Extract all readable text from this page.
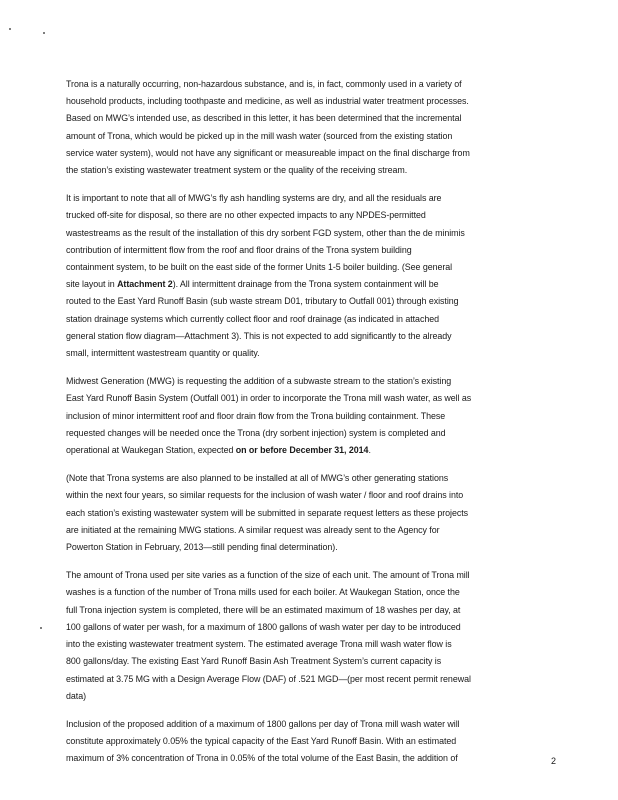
Trona is a naturally occurring, non-hazardous substance, and is, in fact, commonly used in a variety of
household products, including toothpaste and medicine, as well as industrial water treatment processes.
Based on MWG’s intended use, as described in this letter, it has been determined that the incremental
amount of Trona, which would be picked up in the mill wash water (sourced from the existing station
service water system), would not have any significant or measureable impact on the final discharge from
the station’s existing wastewater treatment system or the quality of the receiving stream.
It is important to note that all of MWG’s fly ash handling systems are dry, and all the residuals are
trucked off-site for disposal, so there are no other expected impacts to any NPDES-permitted
wastestreams as the result of the installation of this dry sorbent FGD system, other than the de minimis
contribution of intermittent flow from the roof and floor drains of the Trona system building
containment system, to be built on the east side of the former Units 1-5 boiler building. (See general
site layout in Attachment 2). All intermittent drainage from the Trona system containment will be
routed to the East Yard Runoff Basin (sub waste stream D01, tributary to Outfall 001) through existing
station drainage systems which currently collect floor and roof drainage (as indicated in attached
general station flow diagram—Attachment 3). This is not expected to add significantly to the already
small, intermittent wastestream quantity or quality.
Midwest Generation (MWG) is requesting the addition of a subwaste stream to the station’s existing
East Yard Runoff Basin System (Outfall 001) in order to incorporate the Trona mill wash water, as well as
inclusion of minor intermittent roof and floor drain flow from the Trona building containment. These
requested changes will be needed once the Trona (dry sorbent injection) system is completed and
operational at Waukegan Station, expected on or before December 31, 2014.
(Note that Trona systems are also planned to be installed at all of MWG’s other generating stations
within the next four years, so similar requests for the inclusion of wash water / floor and roof drains into
each station’s existing wastewater system will be submitted in separate request letters as these projects
are initiated at the remaining MWG stations. A similar request was already sent to the Agency for
Powerton Station in February, 2013—still pending final determination).
The amount of Trona used per site varies as a function of the size of each unit. The amount of Trona mill
washes is a function of the number of Trona mills used for each boiler. At Waukegan Station, once the
full Trona injection system is completed, there will be an estimated maximum of 18 washes per day, at
100 gallons of water per wash, for a maximum of 1800 gallons of wash water per day to be introduced
into the existing wastewater treatment system. The estimated average Trona mill wash water flow is
800 gallons/day. The existing East Yard Runoff Basin Ash Treatment System’s current capacity is
estimated at 3.75 MG with a Design Average Flow (DAF) of .521 MGD—(per most recent permit renewal
data)
Inclusion of the proposed addition of a maximum of 1800 gallons per day of Trona mill wash water will
constitute approximately 0.05% the typical capacity of the East Yard Runoff Basin. With an estimated
maximum of 3% concentration of Trona in 0.05% of the total volume of the East Basin, the addition of	2
